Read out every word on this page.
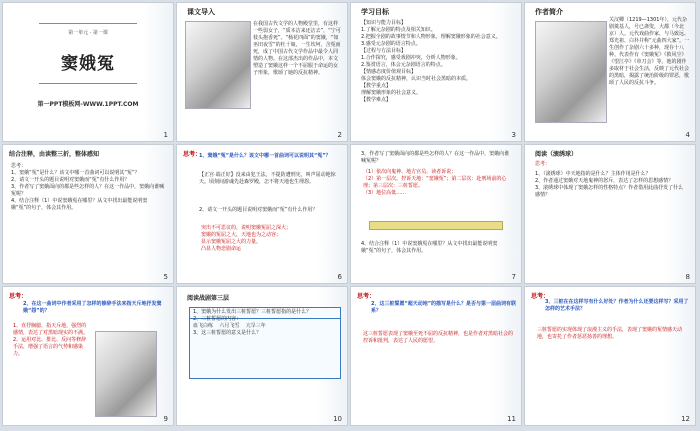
第一单元 · 第一课
窦娥冤
第一PPT模板网-WWW.1PPT.COM
1
课文导入
在我国古代文学的人物殿堂里，有这样一些弱女子，“质本洁来还洁去”，“宁可枝头抱香死”。“杨花四面”的窦娥，“如巫田夜雪”的杜十娘，一生坎坷，含冤而死，成了中国古代文学作品中最令人同情的人物。在这部杰出的作品中，本文塑造了窦娥这样一个不屈服于命运的女子形象，歌颂了她的反抗精神。
2
学习目标
【知识与能力目标】
1.了解元杂剧的特点及相关知识。
2.把握全剧的故事情节和人物形象，理解窦娥形象的社会意义。
3.感受元杂剧的语言特点。
【过程与方法目标】
1.合作探究，感受戏剧冲突，分析人物形象。
2.鉴赏语言，体会元杂剧语言的特点。
【情感态度价值观目标】
体会窦娥的反抗精神，认识当时社会黑暗的本质。
【教学重点】
理解窦娥形象的社会意义。
【教学难点】
3
作者简介
关汉卿（1219—1301年），元代杂剧奠基人，号已斋叟，大都（今北京）人。元代戏曲作家，与马致远、郑光祖、白朴并称“元曲四大家”。一生创作了杂剧六十多种，现存十八种。代表作有《窦娥冤》《救风尘》《望江亭》《单刀会》等。他的剧作多取材于社会生活，反映了元代社会的黑暗，揭露了统治阶级的罪恶，歌颂了人民的反抗斗争。
4
结合注释，由读整三折，整体感知
思考：
1、窦娥“冤”是什么？该文中哪一首曲词可以说明其“冤”？
2、请文一开头的题目说明对窦娥而“冤”有什么作用？
3、作者写了窦娥面向的都是些怎样的人？在这一作品中，窦娥向谁喊冤呢？
4、结合注释（1）中说窦娥冤在哪里？从文中找出最能说明窦娥“冤”的句子，体会其作用。
5
思考：
1、窦娥“冤”是什么？该文中哪一首曲词可以说明其“冤”？
【正宫·端正好】没来由犯王法，不提防遭刑宪，叫声屈动地惊天。顷刻间游魂先赴森罗殿，怎不将天地也生埋怨。
2、请文一开头的题目说明对窦娥而“冤”有什么作用？
突出不可思议的，说明窦娥冤屈之深大；
窦娥的冤屈之大，天地也为之动容；
显示窦娥冤屈之大的力量。
凸显人物悲剧命运
6
3、作者写了窦娥面向的都是些怎样的人？在这一作品中，窦娥向谁喊冤呢？
（1）依次向鬼神、地方官员、读者诉说；
（2）第一层次，控诉天地：“窦娥冤”；第二层次：赴刑场前的心理；第三层次：三桩誓愿。
（3）地位高低……
4、结合注释（1）中说窦娥冤在哪里？从文中找出最能说明窦娥“冤”的句子，体会其作用。
7
阅读（滚绣球）
思考：
1、（滚绣球）中天地指的是什么？主体作用是什么？
2、作者通过窦娥对天地鬼神的怒斥，表达了怎样的思想感情？
3、滚绣球中体现了窦娥怎样的性格特点？作者借用此曲抒发了什么感情？
8
思考：
2、在这一曲词中作者采用了怎样的修辞手法来指天斥地抒发窦娥“怨”的？
1、直抒胸臆，指天斥地，强烈的感情，表达了对黑暗现实的不满。
2、运用对比、排比、反问等修辞手法，增强了语言的气势和感染力。
9
阅读战剧第三层
1、窦娥为什么发出三桩誓愿？三桩誓愿指的是什么？
2、三桩誓愿的内容：
血飞白练    六月飞雪    亢旱三年
3、这三桩誓愿的意义是什么？
10
思考：
2、这三桩誓愿“超天动地”的描写是什么？是否与第一层曲词有联系？
这三桩誓愿表现了窦娥至死不屈的反抗精神，也是作者对黑暗社会的控诉和批判，表达了人民的愿望。
11
思考：
3、三桩在在这样写有什么好处？作者为什么还要这样写？采用了怎样的艺术手法？
三桩誓愿的实现体现了浪漫主义的手法，表现了窦娥的冤情感天动地，也寄托了作者惩恶扬善的理想。
12
